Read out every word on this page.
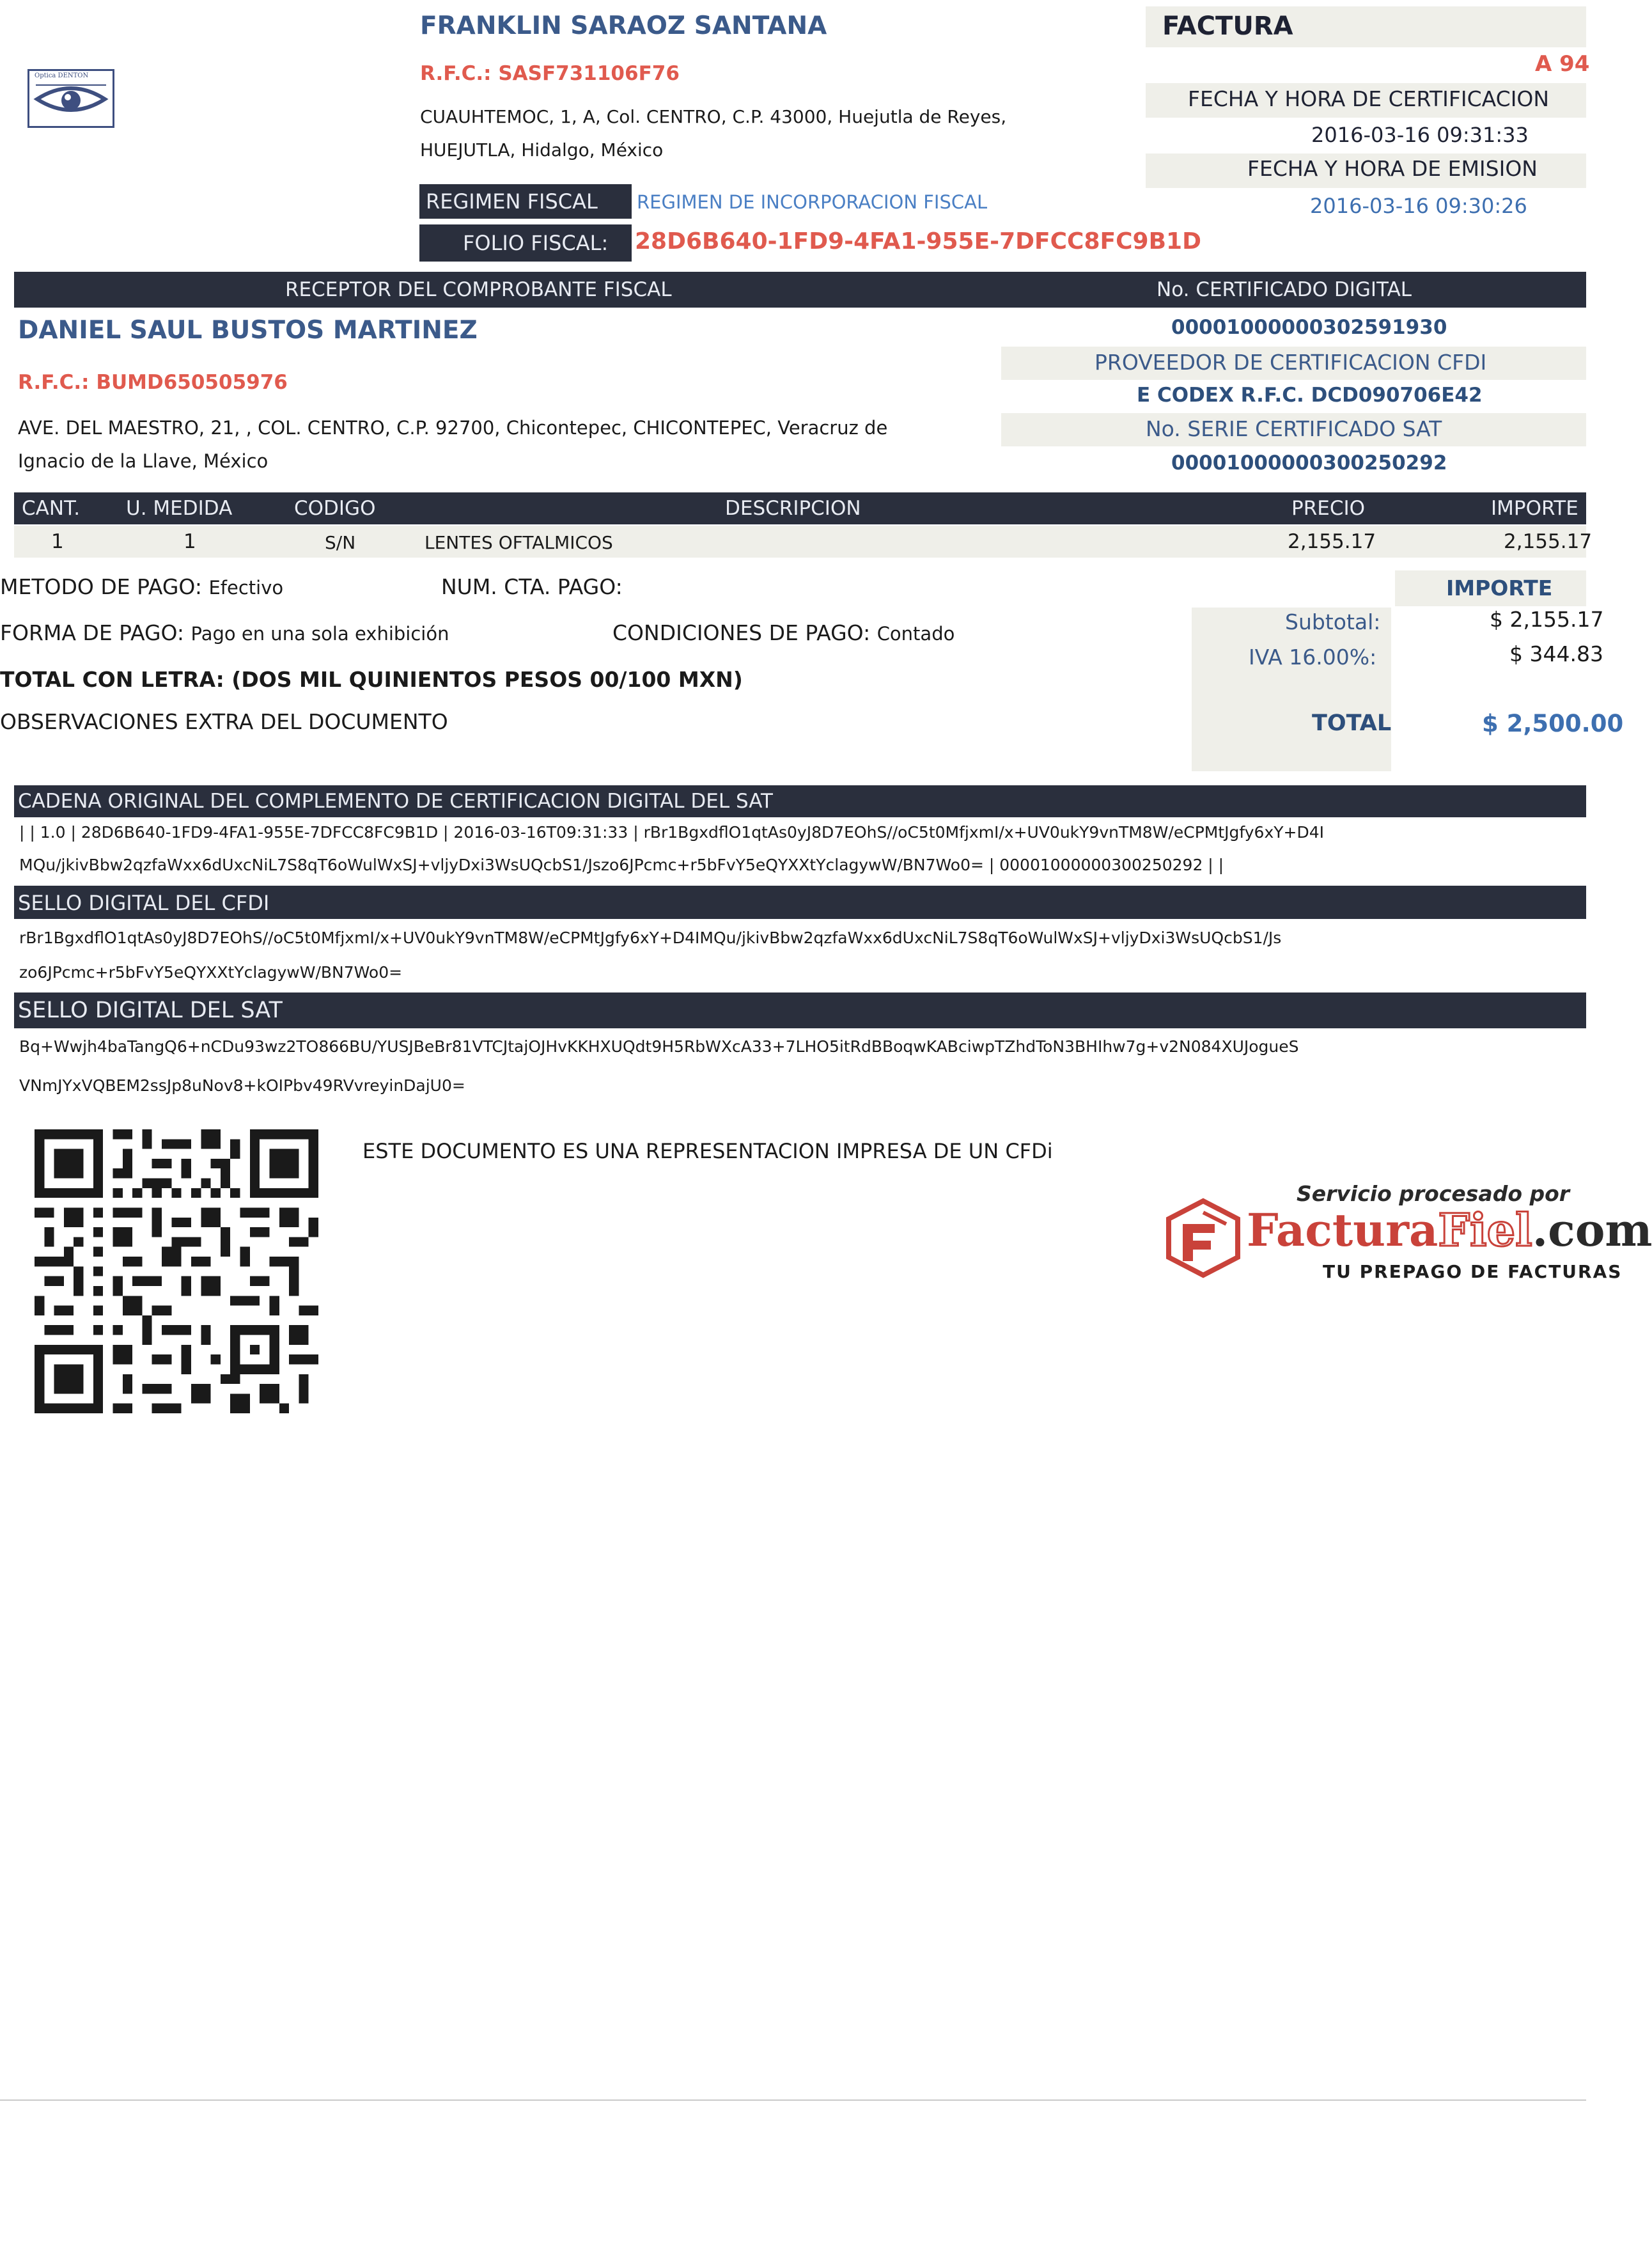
Optica DENTON
FRANKLIN SARAOZ SANTANA
R.F.C.: SASF731106F76
CUAUHTEMOC, 1, A, Col. CENTRO, C.P. 43000, Huejutla de Reyes,
HUEJUTLA, Hidalgo, México
REGIMEN FISCAL REGIMEN DE INCORPORACION FISCAL
FOLIO FISCAL: 28D6B640-1FD9-4FA1-955E-7DFCC8FC9B1D
FACTURA
A 94
FECHA Y HORA DE CERTIFICACION
2016-03-16 09:31:33
FECHA Y HORA DE EMISION
2016-03-16 09:30:26
RECEPTOR DEL COMPROBANTE FISCAL	No. CERTIFICADO DIGITAL
DANIEL SAUL BUSTOS MARTINEZ
R.F.C.: BUMD650505976
AVE. DEL MAESTRO, 21, , COL. CENTRO, C.P. 92700, Chicontepec, CHICONTEPEC, Veracruz de
Ignacio de la Llave, México
00001000000302591930
PROVEEDOR DE CERTIFICACION CFDI
E CODEX R.F.C. DCD090706E42
No. SERIE CERTIFICADO SAT
00001000000300250292
CANT. U. MEDIDA	CODIGO	DESCRIPCION	PRECIO	IMPORTE
1	1	S/N	LENTES OFTALMICOS	2,155.17	2,155.17
METODO DE PAGO: Efectivo	NUM. CTA. PAGO:
FORMA DE PAGO: Pago en una sola exhibición	CONDICIONES DE PAGO: Contado
TOTAL CON LETRA: (DOS MIL QUINIENTOS PESOS 00/100 MXN)
OBSERVACIONES EXTRA DEL DOCUMENTO
IMPORTE
Subtotal:	$ 2,155.17
IVA 16.00%:	$ 344.83
TOTAL	$ 2,500.00
CADENA ORIGINAL DEL COMPLEMENTO DE CERTIFICACION DIGITAL DEL SAT
| | 1.0 | 28D6B640-1FD9-4FA1-955E-7DFCC8FC9B1D | 2016-03-16T09:31:33 | rBr1BgxdflO1qtAs0yJ8D7EOhS//oC5t0MfjxmI/x+UV0ukY9vnTM8W/eCPMtJgfy6xY+D4I
MQu/jkivBbw2qzfaWxx6dUxcNiL7S8qT6oWulWxSJ+vljyDxi3WsUQcbS1/Jszo6JPcmc+r5bFvY5eQYXXtYclagywW/BN7Wo0= | 00001000000300250292 | |
SELLO DIGITAL DEL CFDI
rBr1BgxdflO1qtAs0yJ8D7EOhS//oC5t0MfjxmI/x+UV0ukY9vnTM8W/eCPMtJgfy6xY+D4IMQu/jkivBbw2qzfaWxx6dUxcNiL7S8qT6oWulWxSJ+vljyDxi3WsUQcbS1/Js
zo6JPcmc+r5bFvY5eQYXXtYclagywW/BN7Wo0=
SELLO DIGITAL DEL SAT
Bq+Wwjh4baTangQ6+nCDu93wz2TO866BU/YUSJBeBr81VTCJtajOJHvKKHXUQdt9H5RbWXcA33+7LHO5itRdBBoqwKABciwpTZhdToN3BHIhw7g+v2N084XUJogueS
VNmJYxVQBEM2ssJp8uNov8+kOIPbv49RVvreyinDajU0=
ESTE DOCUMENTO ES UNA REPRESENTACION IMPRESA DE UN CFDi
Servicio procesado por
FacturaFiel.com
TU PREPAGO DE FACTURAS
